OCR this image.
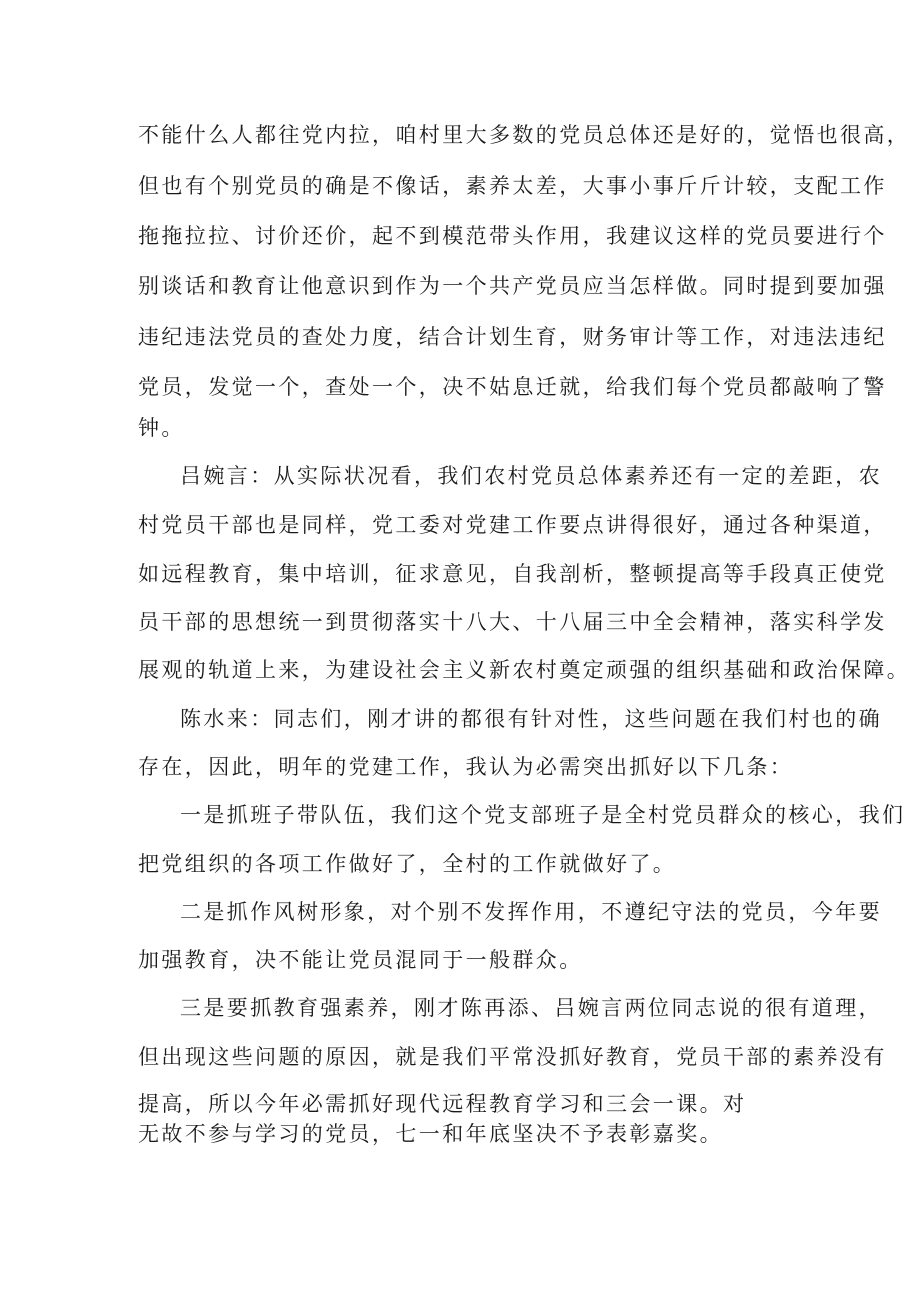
不能什么人都往党内拉，咱村里大多数的党员总体还是好的，觉悟也很高，

但也有个别党员的确是不像话，素养太差，大事小事斤斤计较，支配工作

拖拖拉拉、讨价还价，起不到模范带头作用，我建议这样的党员要进行个

别谈话和教育让他意识到作为一个共产党员应当怎样做。同时提到要加强

违纪违法党员的查处力度，结合计划生育，财务审计等工作，对违法违纪

党员，发觉一个，查处一个，决不姑息迁就，给我们每个党员都敲响了警

钟。

吕婉言：从实际状况看，我们农村党员总体素养还有一定的差距，农

村党员干部也是同样，党工委对党建工作要点讲得很好，通过各种渠道，

如远程教育，集中培训，征求意见，自我剖析，整顿提高等手段真正使党

员干部的思想统一到贯彻落实十八大、十八届三中全会精神，落实科学发

展观的轨道上来，为建设社会主义新农村奠定顽强的组织基础和政治保障。

陈水来：同志们，刚才讲的都很有针对性，这些问题在我们村也的确

存在，因此，明年的党建工作，我认为必需突出抓好以下几条：

一是抓班子带队伍，我们这个党支部班子是全村党员群众的核心，我们

把党组织的各项工作做好了，全村的工作就做好了。

二是抓作风树形象，对个别不发挥作用，不遵纪守法的党员，今年要

加强教育，决不能让党员混同于一般群众。

三是要抓教育强素养，刚才陈再添、吕婉言两位同志说的很有道理，

但出现这些问题的原因，就是我们平常没抓好教育，党员干部的素养没有

提高，所以今年必需抓好现代远程教育学习和三会一课。对

无故不参与学习的党员，七一和年底坚决不予表彰嘉奖。
